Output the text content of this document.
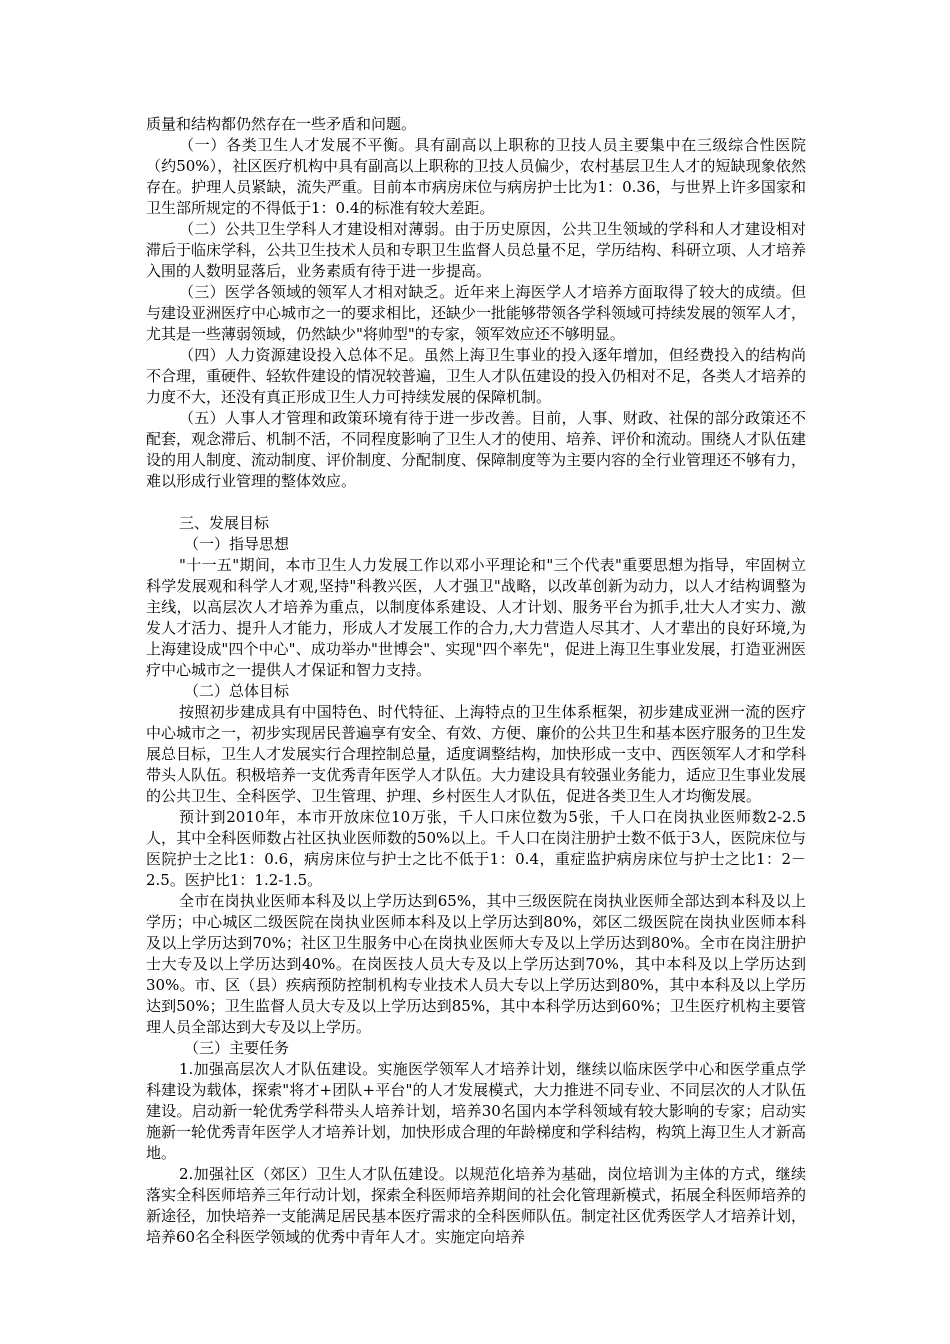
质量和结构都仍然存在一些矛盾和问题。

（一）各类卫生人才发展不平衡。具有副高以上职称的卫技人员主要集中在三级综合性医院（约50%），社区医疗机构中具有副高以上职称的卫技人员偏少，农村基层卫生人才的短缺现象依然存在。护理人员紧缺，流失严重。目前本市病房床位与病房护士比为1：0.36，与世界上许多国家和卫生部所规定的不得低于1：0.4的标准有较大差距。

（二）公共卫生学科人才建设相对薄弱。由于历史原因，公共卫生领域的学科和人才建设相对滞后于临床学科，公共卫生技术人员和专职卫生监督人员总量不足，学历结构、科研立项、人才培养入围的人数明显落后，业务素质有待于进一步提高。

（三）医学各领域的领军人才相对缺乏。近年来上海医学人才培养方面取得了较大的成绩。但与建设亚洲医疗中心城市之一的要求相比，还缺少一批能够带领各学科领域可持续发展的领军人才，尤其是一些薄弱领域，仍然缺少"将帅型"的专家，领军效应还不够明显。

（四）人力资源建设投入总体不足。虽然上海卫生事业的投入逐年增加，但经费投入的结构尚不合理，重硬件、轻软件建设的情况较普遍，卫生人才队伍建设的投入仍相对不足，各类人才培养的力度不大，还没有真正形成卫生人力可持续发展的保障机制。

（五）人事人才管理和政策环境有待于进一步改善。目前，人事、财政、社保的部分政策还不配套，观念滞后、机制不活，不同程度影响了卫生人才的使用、培养、评价和流动。围绕人才队伍建设的用人制度、流动制度、评价制度、分配制度、保障制度等为主要内容的全行业管理还不够有力，难以形成行业管理的整体效应。

三、发展目标

（一）指导思想

"十一五"期间，本市卫生人力发展工作以邓小平理论和"三个代表"重要思想为指导，牢固树立科学发展观和科学人才观,坚持"科教兴医，人才强卫"战略，以改革创新为动力，以人才结构调整为主线，以高层次人才培养为重点，以制度体系建设、人才计划、服务平台为抓手,壮大人才实力、激发人才活力、提升人才能力，形成人才发展工作的合力,大力营造人尽其才、人才辈出的良好环境,为上海建设成"四个中心"、成功举办"世博会"、实现"四个率先"，促进上海卫生事业发展，打造亚洲医疗中心城市之一提供人才保证和智力支持。

（二）总体目标

按照初步建成具有中国特色、时代特征、上海特点的卫生体系框架，初步建成亚洲一流的医疗中心城市之一，初步实现居民普遍享有安全、有效、方便、廉价的公共卫生和基本医疗服务的卫生发展总目标，卫生人才发展实行合理控制总量，适度调整结构，加快形成一支中、西医领军人才和学科带头人队伍。积极培养一支优秀青年医学人才队伍。大力建设具有较强业务能力，适应卫生事业发展的公共卫生、全科医学、卫生管理、护理、乡村医生人才队伍，促进各类卫生人才均衡发展。

预计到2010年，本市开放床位10万张，千人口床位数为5张，千人口在岗执业医师数2-2.5人，其中全科医师数占社区执业医师数的50%以上。千人口在岗注册护士数不低于3人，医院床位与医院护士之比1：0.6，病房床位与护士之比不低于1：0.4，重症监护病房床位与护士之比1：2－2.5。医护比1：1.2-1.5。

全市在岗执业医师本科及以上学历达到65%，其中三级医院在岗执业医师全部达到本科及以上学历；中心城区二级医院在岗执业医师本科及以上学历达到80%，郊区二级医院在岗执业医师本科及以上学历达到70%；社区卫生服务中心在岗执业医师大专及以上学历达到80%。全市在岗注册护士大专及以上学历达到40%。在岗医技人员大专及以上学历达到70%，其中本科及以上学历达到30%。市、区（县）疾病预防控制机构专业技术人员大专以上学历达到80%，其中本科及以上学历达到50%；卫生监督人员大专及以上学历达到85%，其中本科学历达到60%；卫生医疗机构主要管理人员全部达到大专及以上学历。

（三）主要任务

1.加强高层次人才队伍建设。实施医学领军人才培养计划，继续以临床医学中心和医学重点学科建设为载体，探索"将才+团队+平台"的人才发展模式，大力推进不同专业、不同层次的人才队伍建设。启动新一轮优秀学科带头人培养计划，培养30名国内本学科领域有较大影响的专家；启动实施新一轮优秀青年医学人才培养计划，加快形成合理的年龄梯度和学科结构，构筑上海卫生人才新高地。

2.加强社区（郊区）卫生人才队伍建设。以规范化培养为基础，岗位培训为主体的方式，继续落实全科医师培养三年行动计划，探索全科医师培养期间的社会化管理新模式，拓展全科医师培养的新途径，加快培养一支能满足居民基本医疗需求的全科医师队伍。制定社区优秀医学人才培养计划，培养60名全科医学领域的优秀中青年人才。实施定向培养
